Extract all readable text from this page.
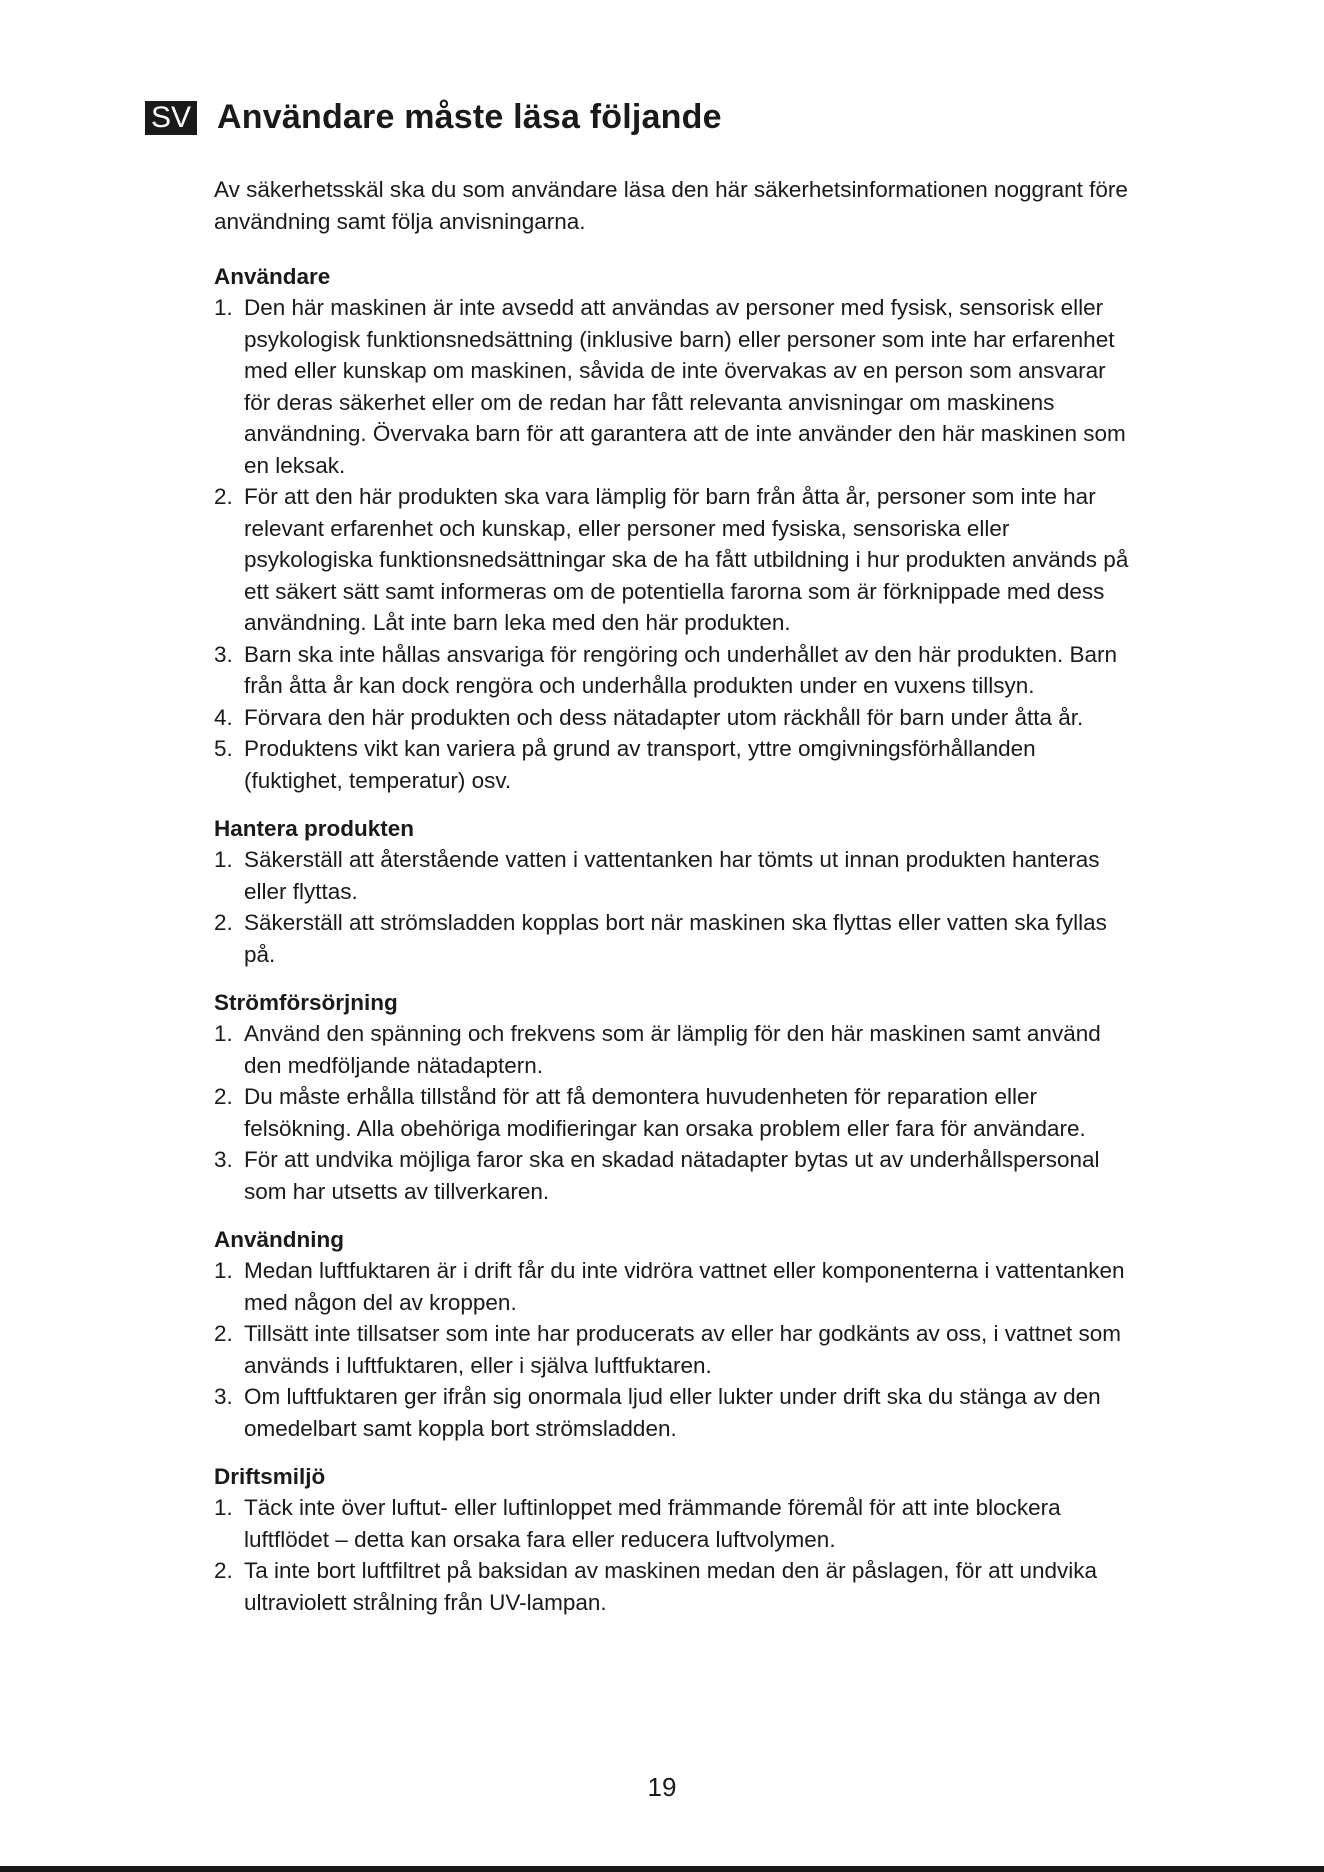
SV Användare måste läsa följande

Av säkerhetsskäl ska du som användare läsa den här säkerhetsinformationen noggrant före användning samt följa anvisningarna.

Användare
1. Den här maskinen är inte avsedd att användas av personer med fysisk, sensorisk eller psykologisk funktionsnedsättning (inklusive barn) eller personer som inte har erfarenhet med eller kunskap om maskinen, såvida de inte övervakas av en person som ansvarar för deras säkerhet eller om de redan har fått relevanta anvisningar om maskinens användning. Övervaka barn för att garantera att de inte använder den här maskinen som en leksak.
2. För att den här produkten ska vara lämplig för barn från åtta år, personer som inte har relevant erfarenhet och kunskap, eller personer med fysiska, sensoriska eller psykologiska funktionsnedsättningar ska de ha fått utbildning i hur produkten används på ett säkert sätt samt informeras om de potentiella farorna som är förknippade med dess användning. Låt inte barn leka med den här produkten.
3. Barn ska inte hållas ansvariga för rengöring och underhållet av den här produkten. Barn från åtta år kan dock rengöra och underhålla produkten under en vuxens tillsyn.
4. Förvara den här produkten och dess nätadapter utom räckhåll för barn under åtta år.
5. Produktens vikt kan variera på grund av transport, yttre omgivningsförhållanden (fuktighet, temperatur) osv.
Hantera produkten
1. Säkerställ att återstående vatten i vattentanken har tömts ut innan produkten hanteras eller flyttas.
2. Säkerställ att strömsladden kopplas bort när maskinen ska flyttas eller vatten ska fyllas på.
Strömförsörjning
1. Använd den spänning och frekvens som är lämplig för den här maskinen samt använd den medföljande nätadaptern.
2. Du måste erhålla tillstånd för att få demontera huvudenheten för reparation eller felsökning. Alla obehöriga modifieringar kan orsaka problem eller fara för användare.
3. För att undvika möjliga faror ska en skadad nätadapter bytas ut av underhållspersonal som har utsetts av tillverkaren.
Användning
1. Medan luftfuktaren är i drift får du inte vidröra vattnet eller komponenterna i vattentanken med någon del av kroppen.
2. Tillsätt inte tillsatser som inte har producerats av eller har godkänts av oss, i vattnet som används i luftfuktaren, eller i själva luftfuktaren.
3. Om luftfuktaren ger ifrån sig onormala ljud eller lukter under drift ska du stänga av den omedelbart samt koppla bort strömsladden.
Driftsmiljö
1. Täck inte över luftut- eller luftinloppet med främmande föremål för att inte blockera luftflödet – detta kan orsaka fara eller reducera luftvolymen.
2. Ta inte bort luftfiltret på baksidan av maskinen medan den är påslagen, för att undvika ultraviolett strålning från UV-lampan.
19
